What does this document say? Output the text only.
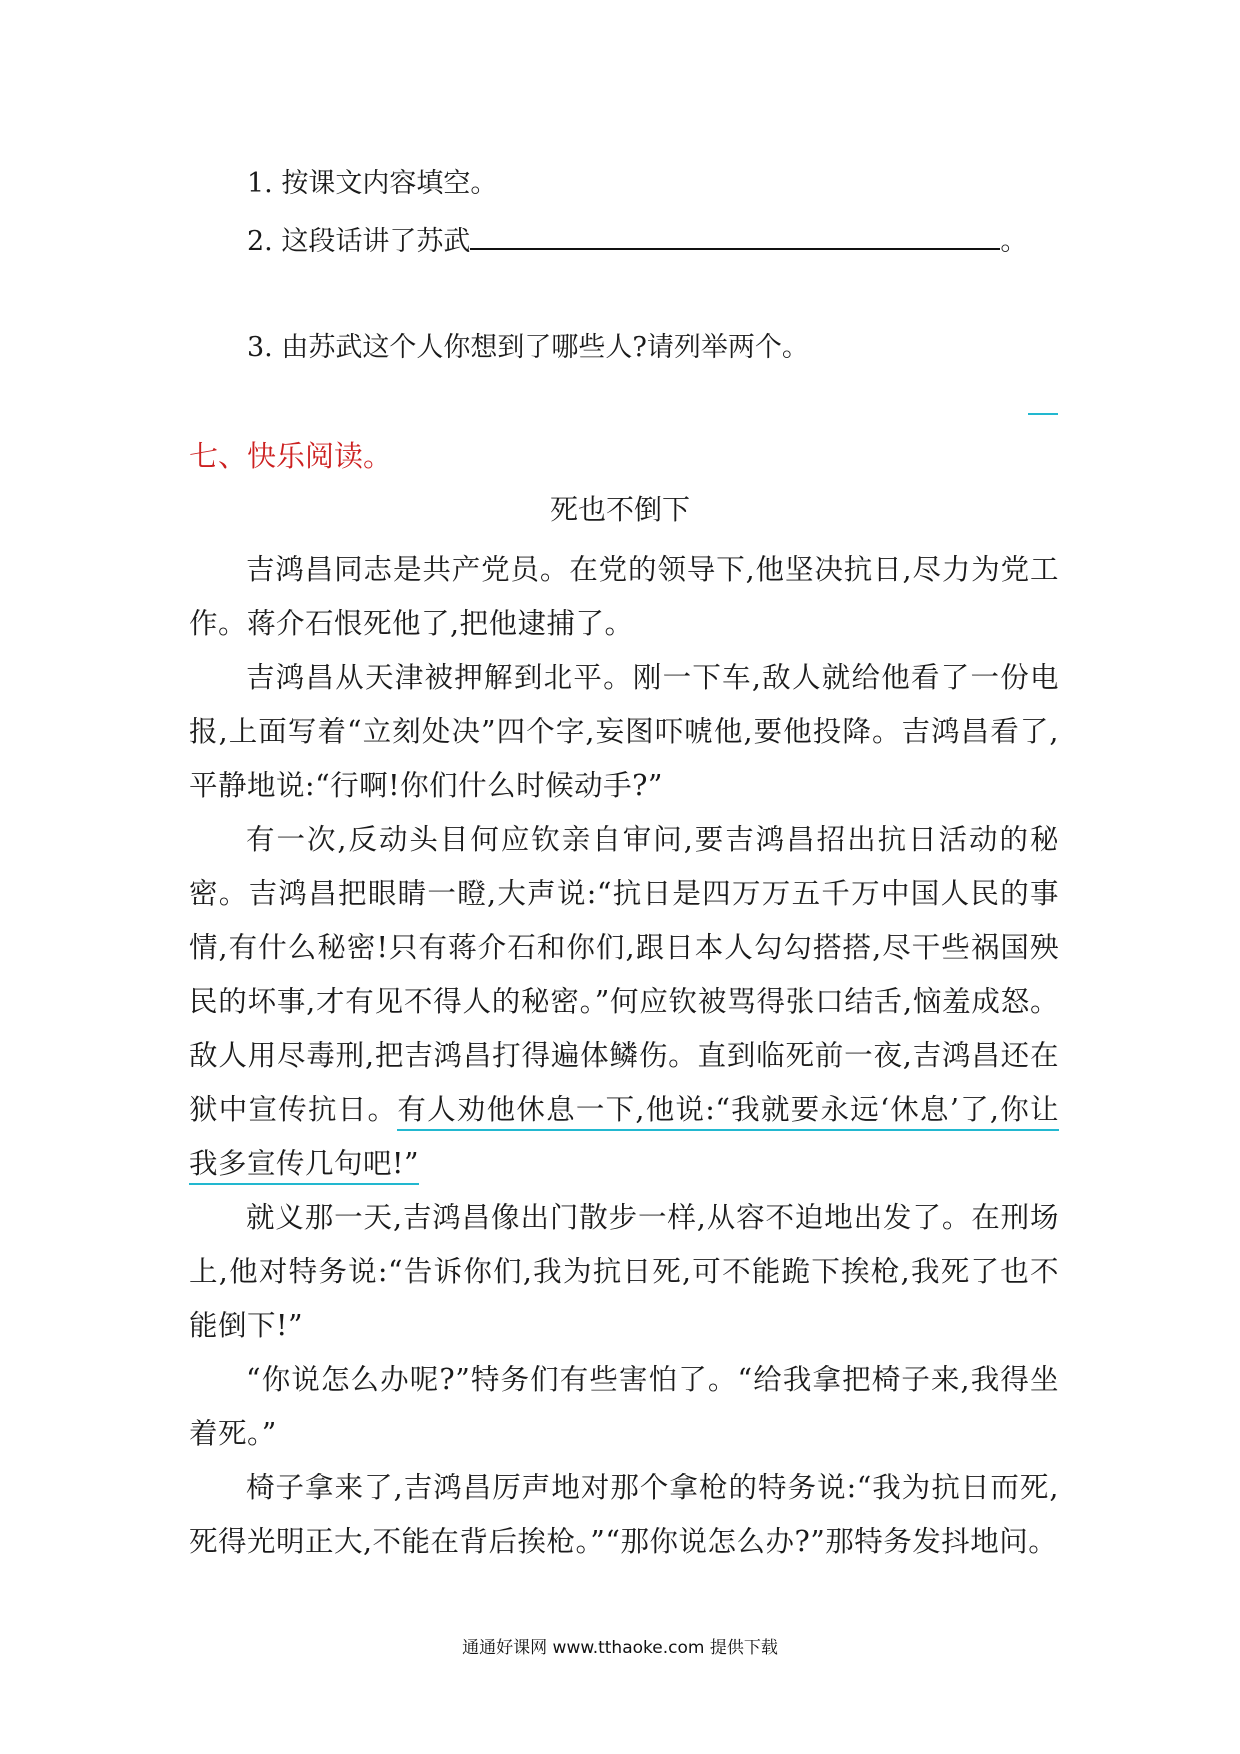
1. 按课文内容填空。
2. 这段话讲了苏武	。
3. 由苏武这个人你想到了哪些人?请列举两个。
七、快乐阅读。
死也不倒下

吉鸿昌同志是共产党员。在党的领导下,他坚决抗日,尽力为党工作。蒋介石恨死他了,把他逮捕了。

吉鸿昌从天津被押解到北平。刚一下车,敌人就给他看了一份电报,上面写着“立刻处决”四个字,妄图吓唬他,要他投降。吉鸿昌看了,平静地说:“行啊!你们什么时候动手?”

有一次,反动头目何应钦亲自审问,要吉鸿昌招出抗日活动的秘密。吉鸿昌把眼睛一瞪,大声说:“抗日是四万万五千万中国人民的事情,有什么秘密!只有蒋介石和你们,跟日本人勾勾搭搭,尽干些祸国殃民的坏事,才有见不得人的秘密。”何应钦被骂得张口结舌,恼羞成怒。敌人用尽毒刑,把吉鸿昌打得遍体鳞伤。直到临死前一夜,吉鸿昌还在狱中宣传抗日。有人劝他休息一下,他说:“我就要永远‘休息’了,你让我多宣传几句吧!”

就义那一天,吉鸿昌像出门散步一样,从容不迫地出发了。在刑场上,他对特务说:“告诉你们,我为抗日死,可不能跪下挨枪,我死了也不能倒下!”

“你说怎么办呢?”特务们有些害怕了。“给我拿把椅子来,我得坐着死。”

椅子拿来了,吉鸿昌厉声地对那个拿枪的特务说:“我为抗日而死,死得光明正大,不能在背后挨枪。”“那你说怎么办?”那特务发抖地问。

通通好课网 www.tthaoke.com 提供下载
